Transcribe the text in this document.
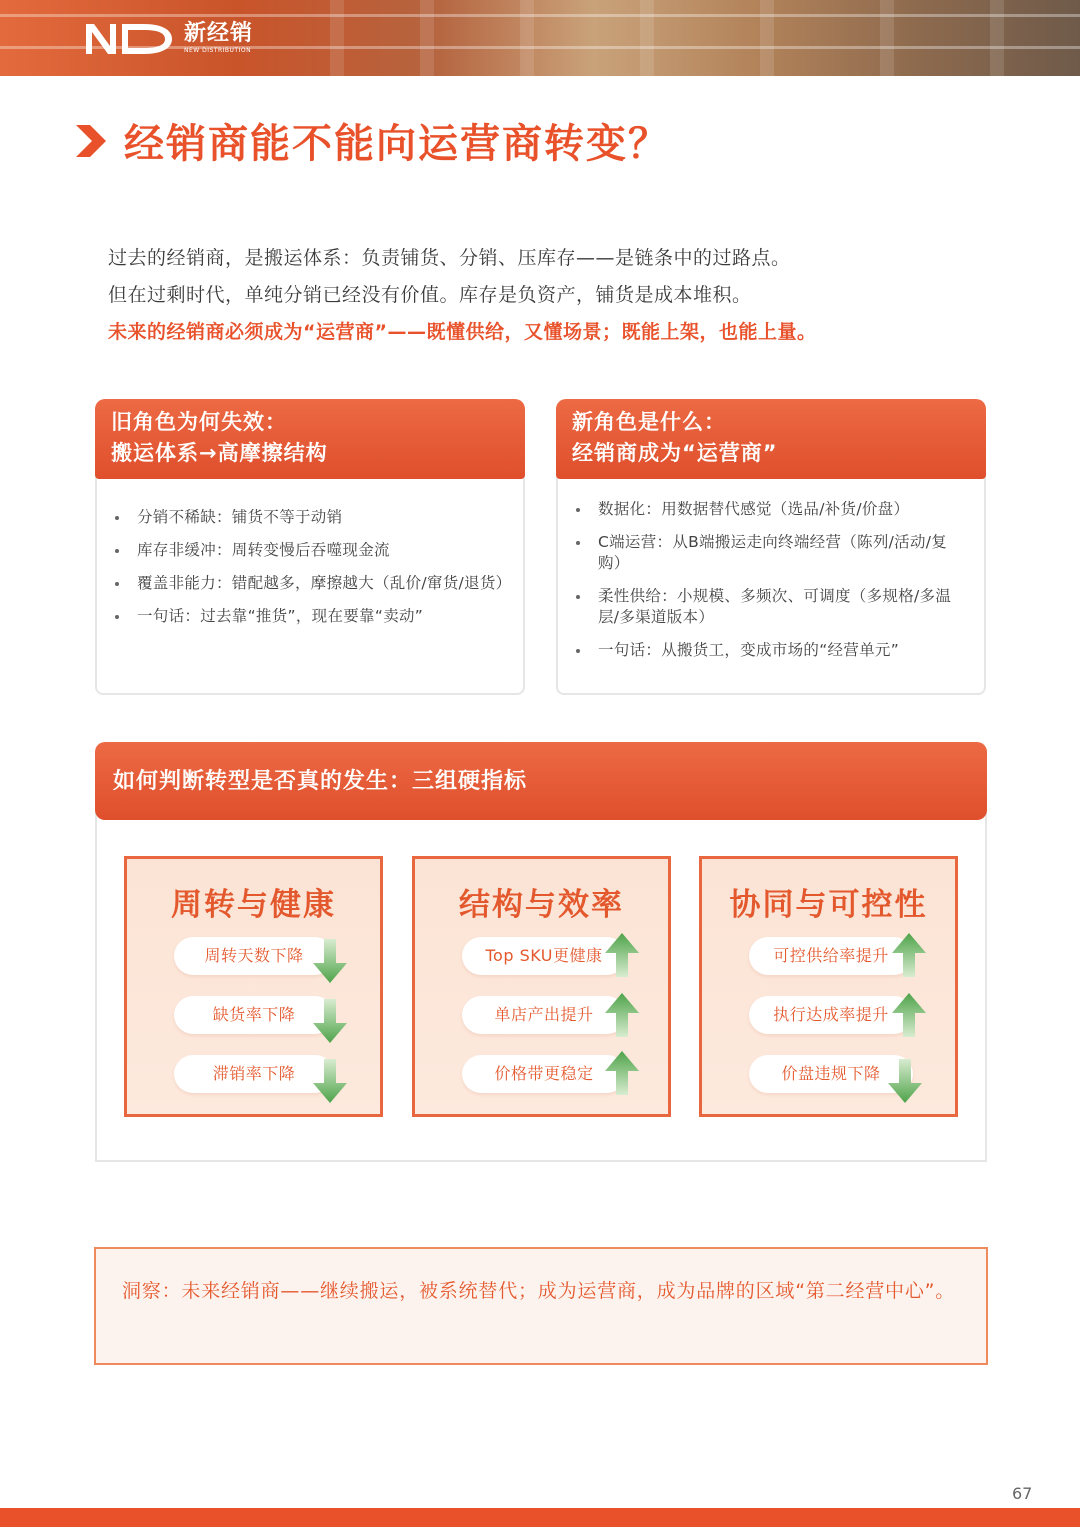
新经销
NEW DISTRIBUTION
经销商能不能向运营商转变？

过去的经销商，是搬运体系：负责铺货、分销、压库存——是链条中的过路点。

但在过剩时代，单纯分销已经没有价值。库存是负资产，铺货是成本堆积。

未来的经销商必须成为“运营商”——既懂供给，又懂场景；既能上架，也能上量。

旧角色为何失效：
搬运体系→高摩擦结构
分销不稀缺：铺货不等于动销
库存非缓冲：周转变慢后吞噬现金流
覆盖非能力：错配越多，摩擦越大（乱价/窜货/退货）
一句话：过去靠“推货”，现在要靠“卖动”
新角色是什么：
经销商成为“运营商”
数据化：用数据替代感觉（选品/补货/价盘）
C端运营：从B端搬运走向终端经营（陈列/活动/复购）
柔性供给：小规模、多频次、可调度（多规格/多温层/多渠道版本）
一句话：从搬货工，变成市场的“经营单元”
如何判断转型是否真的发生：三组硬指标
周转与健康
周转天数下降
缺货率下降
滞销率下降
结构与效率
Top SKU更健康
单店产出提升
价格带更稳定
协同与可控性
可控供给率提升
执行达成率提升
价盘违规下降
洞察：未来经销商——继续搬运，被系统替代；成为运营商，成为品牌的区域“第二经营中心”。
67
